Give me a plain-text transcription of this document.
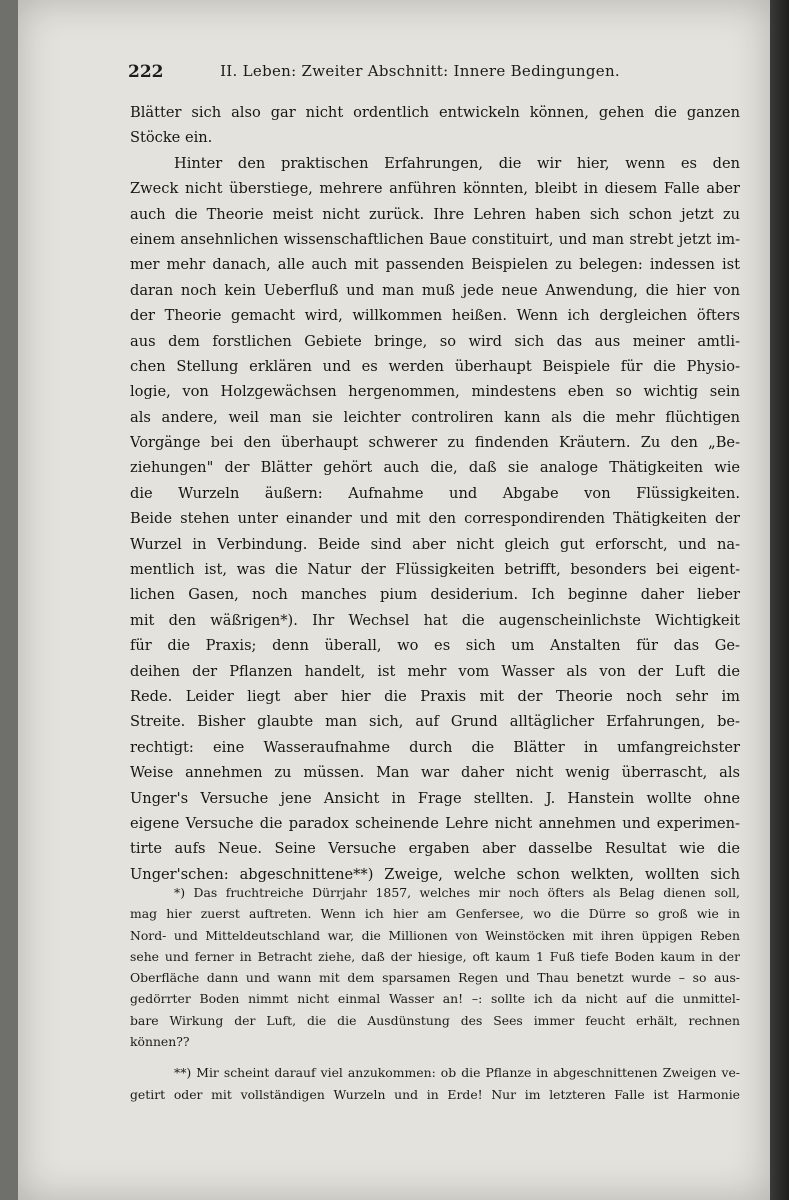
222	II. Leben: Zweiter Abschnitt: Innere Bedingungen.
Blätter sich also gar nicht ordentlich entwickeln können, gehen die ganzen
Stöcke ein.
Hinter den praktischen Erfahrungen, die wir hier, wenn es den
Zweck nicht überstiege, mehrere anführen könnten, bleibt in diesem Falle aber
auch die Theorie meist nicht zurück. Ihre Lehren haben sich schon jetzt zu
einem ansehnlichen wissenschaftlichen Baue constituirt, und man strebt jetzt im-
mer mehr danach, alle auch mit passenden Beispielen zu belegen: indessen ist
daran noch kein Ueberfluß und man muß jede neue Anwendung, die hier von
der Theorie gemacht wird, willkommen heißen. Wenn ich dergleichen öfters
aus dem forstlichen Gebiete bringe, so wird sich das aus meiner amtli-
chen Stellung erklären und es werden überhaupt Beispiele für die Physio-
logie, von Holzgewächsen hergenommen, mindestens eben so wichtig sein
als andere, weil man sie leichter controliren kann als die mehr flüchtigen
Vorgänge bei den überhaupt schwerer zu findenden Kräutern. Zu den „Be-
ziehungen" der Blätter gehört auch die, daß sie analoge Thätigkeiten wie
die Wurzeln äußern: Aufnahme und Abgabe von Flüssigkeiten.
Beide stehen unter einander und mit den correspondirenden Thätigkeiten der
Wurzel in Verbindung. Beide sind aber nicht gleich gut erforscht, und na-
mentlich ist, was die Natur der Flüssigkeiten betrifft, besonders bei eigent-
lichen Gasen, noch manches pium desiderium. Ich beginne daher lieber
mit den wäßrigen*). Ihr Wechsel hat die augenscheinlichste Wichtigkeit
für die Praxis; denn überall, wo es sich um Anstalten für das Ge-
deihen der Pflanzen handelt, ist mehr vom Wasser als von der Luft die
Rede. Leider liegt aber hier die Praxis mit der Theorie noch sehr im
Streite. Bisher glaubte man sich, auf Grund alltäglicher Erfahrungen, be-
rechtigt: eine Wasseraufnahme durch die Blätter in umfangreichster
Weise annehmen zu müssen. Man war daher nicht wenig überrascht, als
Unger's Versuche jene Ansicht in Frage stellten. J. Hanstein wollte ohne
eigene Versuche die paradox scheinende Lehre nicht annehmen und experimen-
tirte aufs Neue. Seine Versuche ergaben aber dasselbe Resultat wie die
Unger'schen: abgeschnittene**) Zweige, welche schon welkten, wollten sich
*) Das fruchtreiche Dürrjahr 1857, welches mir noch öfters als Belag dienen soll,
mag hier zuerst auftreten. Wenn ich hier am Genfersee, wo die Dürre so groß wie in
Nord- und Mitteldeutschland war, die Millionen von Weinstöcken mit ihren üppigen Reben
sehe und ferner in Betracht ziehe, daß der hiesige, oft kaum 1 Fuß tiefe Boden kaum in der
Oberfläche dann und wann mit dem sparsamen Regen und Thau benetzt wurde – so aus-
gedörrter Boden nimmt nicht einmal Wasser an! –: sollte ich da nicht auf die unmittel-
bare Wirkung der Luft, die die Ausdünstung des Sees immer feucht erhält, rechnen
können??
**) Mir scheint darauf viel anzukommen: ob die Pflanze in abgeschnittenen Zweigen ve-
getirt oder mit vollständigen Wurzeln und in Erde! Nur im letzteren Falle ist Harmonie
